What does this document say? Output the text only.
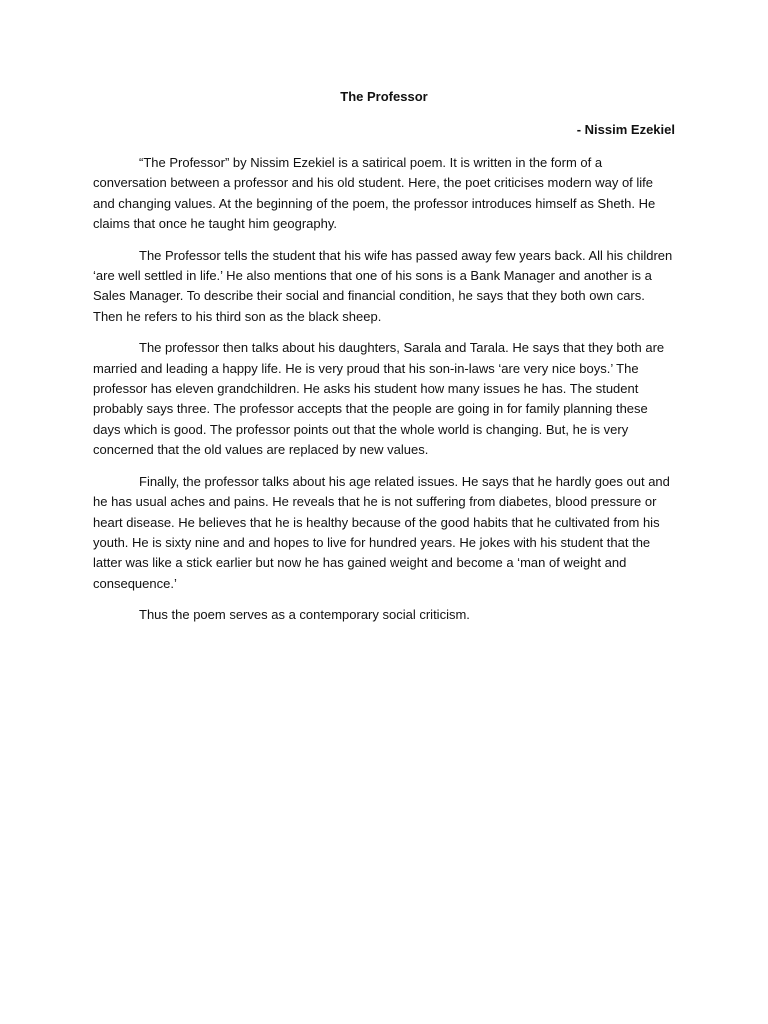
The Professor
- Nissim Ezekiel

“The Professor” by Nissim Ezekiel is a satirical poem. It is written in the form of a conversation between a professor and his old student. Here, the poet criticises modern way of life and changing values. At the beginning of the poem, the professor introduces himself as Sheth. He claims that once he taught him geography.

The Professor tells the student that his wife has passed away few years back. All his children ‘are well settled in life.’ He also mentions that one of his sons is a Bank Manager and another is a Sales Manager. To describe their social and financial condition, he says that they both own cars. Then he refers to his third son as the black sheep.

The professor then talks about his daughters, Sarala and Tarala. He says that they both are married and leading a happy life. He is very proud that his son-in-laws ‘are very nice boys.’ The professor has eleven grandchildren. He asks his student how many issues he has. The student probably says three. The professor accepts that the people are going in for family planning these days which is good. The professor points out that the whole world is changing. But, he is very concerned that the old values are replaced by new values.

Finally, the professor talks about his age related issues. He says that he hardly goes out and he has usual aches and pains. He reveals that he is not suffering from diabetes, blood pressure or heart disease. He believes that he is healthy because of the good habits that he cultivated from his youth. He is sixty nine and and hopes to live for hundred years. He jokes with his student that the latter was like a stick earlier but now he has gained weight and become a ‘man of weight and consequence.’

Thus the poem serves as a contemporary social criticism.
